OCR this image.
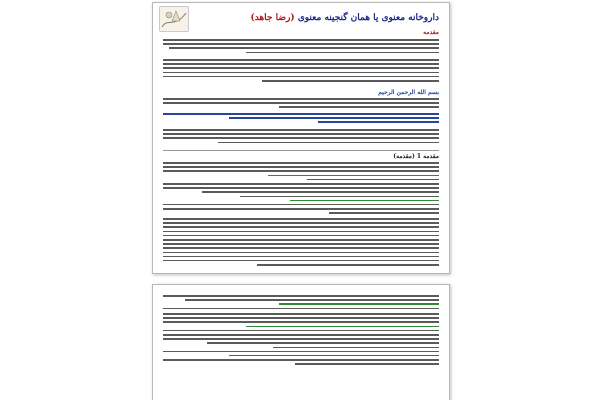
داروخانه معنوی یا همان گنجینه معنوی (رضا جاهد)
مقدمه
بسم الله الرحمن الرحيم
مقدمه 1 (مقدمه)
